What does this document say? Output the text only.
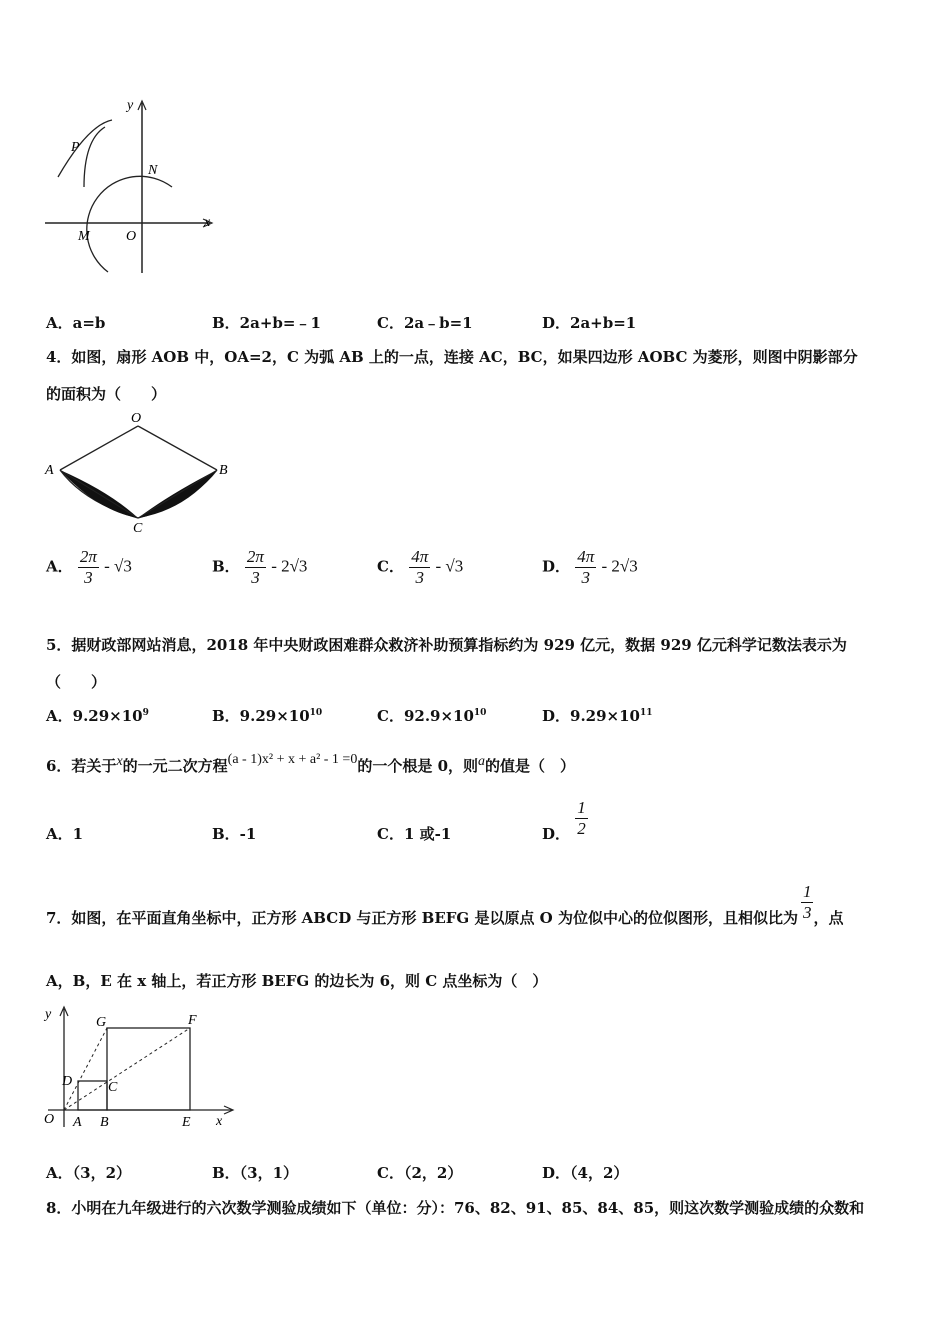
y
x
P
N
M	O
A．a=b	B．2a+b=﹣1	C．2a﹣b=1	D．2a+b=1
4．如图，扇形 AOB 中，OA=2，C 为弧 AB 上的一点，连接 AC，BC，如果四边形 AOBC 为菱形，则图中阴影部分
的面积为（　　）
O
A	B
C
A． $\frac{2\pi}{3} - √3$	B． $\frac{2\pi}{3} - 2√3$	C． $\frac{4\pi}{3} - √3$	D． $\frac{4\pi}{3} - 2√3$
5．据财政部网站消息，2018 年中央财政困难群众救济补助预算指标约为 929 亿元，数据 929 亿元科学记数法表示为
（　　）
A．$9.29\times 10^9$	B．$9.29\times 10^{10}$	C．$92.9\times 10^{10}$	D．$9.29\times 10^{11}$
6．若关于x的一元二次方程(a - 1)x² + x + a² - 1 =0的一个根是 0，则a的值是（　）
A．1	B．-1	C．1 或-1	D． $\frac{1}{2}$
7．如图，在平面直角坐标中，正方形 ABCD 与正方形 BEFG 是以原点 O 为位似中心的位似图形，且相似比为 $\frac{1}{3}$ ，点
A，B，E 在 x 轴上，若正方形 BEFG 的边长为 6，则 C 点坐标为（　）
y
x
O A B	E
D	C
G	F
A．（3，2）	B．（3，1）	C．（2，2）	D．（4，2）
8．小明在九年级进行的六次数学测验成绩如下（单位：分）：76、82、91、85、84、85，则这次数学测验成绩的众数和
